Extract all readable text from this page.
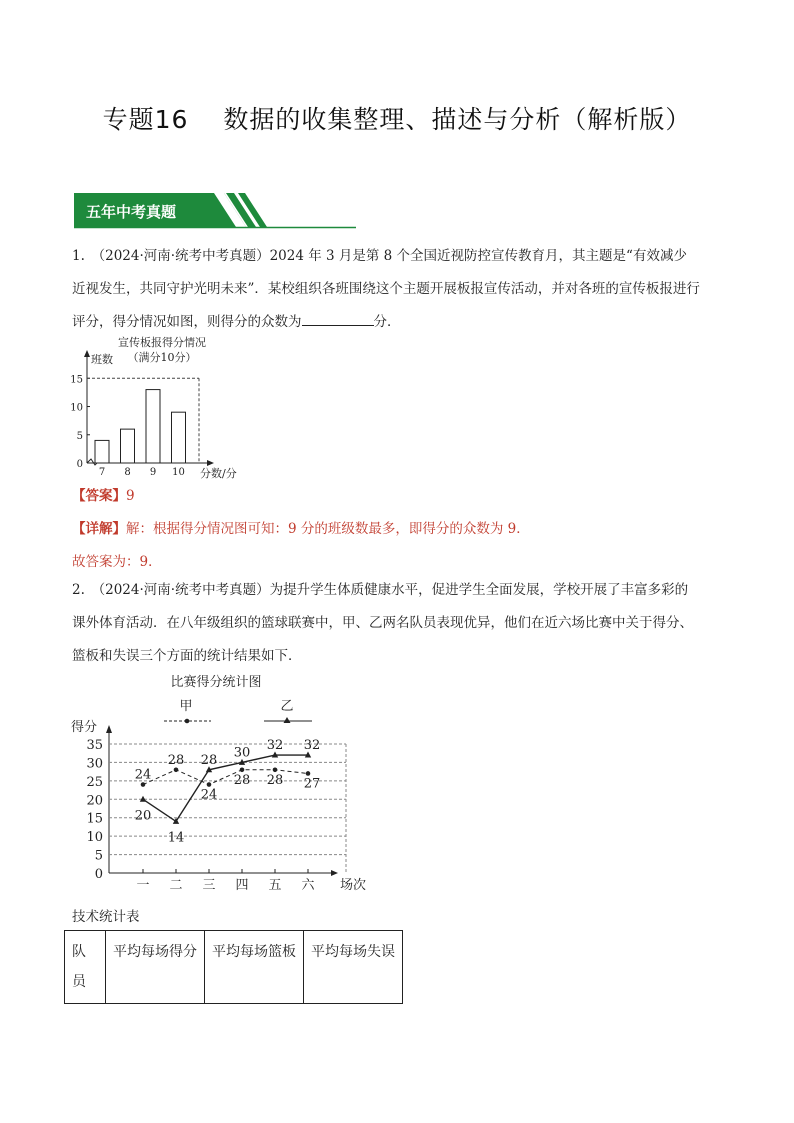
专题16　 数据的收集整理、描述与分析（解析版）
五年中考真题
1.　（2024·河南·统考中考真题）2024 年 3 月是第 8 个全国近视防控宣传教育月，其主题是“有效减少
近视发生，共同守护光明未来”．某校组织各班围绕这个主题开展板报宣传活动，并对各班的宣传板报进行
评分，得分情况如图，则得分的众数为	分．
宣传板报得分情况
（满分10分）
班数
分数/分
0
5
10
15
7 8 9 10
【答案】9
【详解】解：根据得分情况图可知：9 分的班级数最多，即得分的众数为 9．
故答案为：9．
2.　（2024·河南·统考中考真题）为提升学生体质健康水平，促进学生全面发展，学校开展了丰富多彩的
课外体育活动．在八年级组织的篮球联赛中，甲、乙两名队员表现优异，他们在近六场比赛中关于得分、
篮板和失误三个方面的统计结果如下．
比赛得分统计图
甲	乙
得分
场次
0
5
10
15
20
25
30
35
一 二 三 四 五 六
24
28
24
28 28 27
20
14
28 30 32 32
技术统计表
队员	平均每场得分	平均每场篮板	平均每场失误
